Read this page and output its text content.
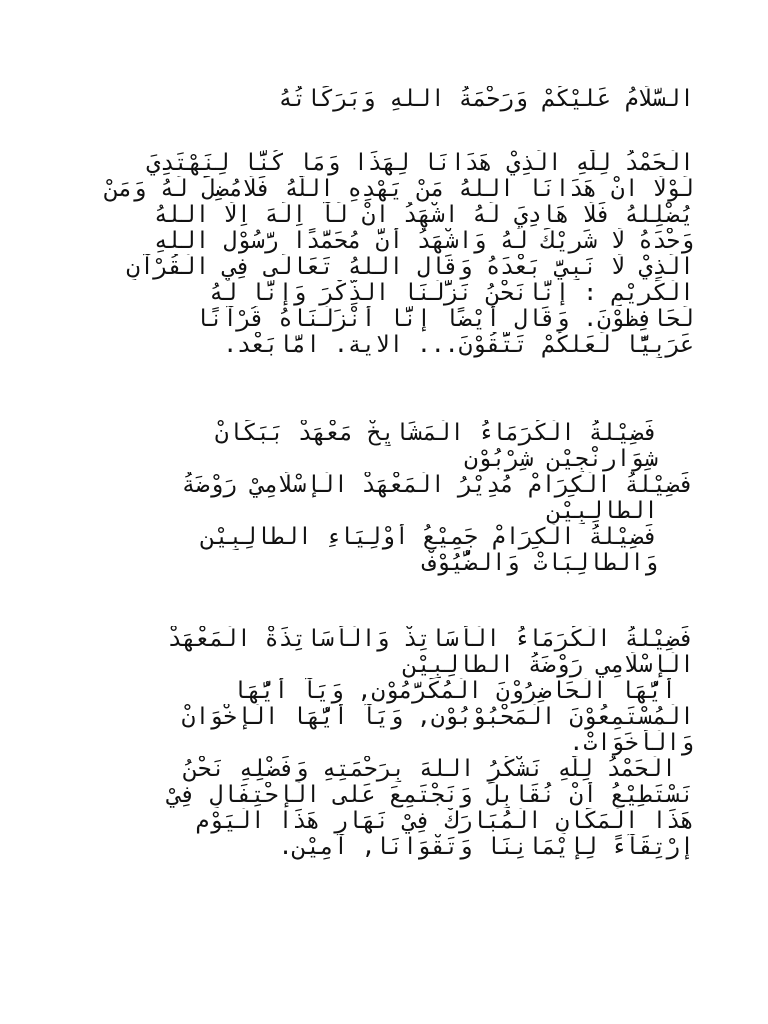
اَلسَّلَامُ عَلَيْكُمْ وَرَحْمَةُ اللهِ وَبَرَكَاتُهُ
اَلْحَمْدُ لِلّٰهِ الَّذِيْ هَدَانَا لِهَذَا وَمَا كُنَّا لِنَهْتَدِيَ
لَوْلَا اَنْ هَدَانَا اللهُ مَنْ يَهْدِهِ اللّٰهُ فَلَامُضِلَّ لَهُ وَمَنْ
يُضْلِلْهُ فَلَا هَادِيَ لَهُ اَشْهَدُ اَنْ لَّآ اِلَهَ اِلَّا اللهُ
وَحْدَهُ لَا شَرِيْكَ لَهُ وَاَشْهَدُ أَنَّ مُحَمَّدًا رَّسُوْلُ اللهِ
اَلَّذِيْ لَا نَبِيَّ بَعْدَهُ وَقَالَ اللهُ تَعَالَى فِي الْقُرْآنِ
الْكَرِيْمِ : إِنَّانَحْنُ نَزَّلْنَا الذِّكْرَ وَإِنَّا لَهُ
لَحَافِظُوْنَ. وَقَالَ أَيْضًا إِنَّا أَنْزَلْنَاهُ قُرْآنًا
عَرَبِيًّا لَعَلَّكُمْ تَتَّقُوْنَ... الاية. اَمَّابَعْد.
فَضِيْلَةُ الْكُرَمَاءُ اَلْمَشَايِخْ مَعْهَدْ بَبَكَانْ
شِوَارِنْجِيْن شِرْبُوْن
فَضِيْلَةُ الْكِرَامْ مُدِيْرُ الْمَعْهَدْ اَلْإِسْلَامِيْ رَوْضَةُ
الطَّالِبِيْن
فَضِيْلَةُ الْكِرَامْ جَمِيْعُ أَوْلِيَاءِ الطَّالِبِيْن
وَالطَّالِبَاتْ وَالضُّيُوْفْ
فَضِيْلَةُ الْكُرَمَاءُ اَلْأَسَاتِذْ وَالْأَسَاتِذَةْ الْمَعْهَدْ
اَلْإِسْلَامِي رَوْضَةُ الطَّالِبِيْن
أَيُّهَا الْحَاضِرُوْنَ الْمُكَرَّمُوْن, وَيَآ أَيُّهَا
الْمُسْتَمِعُوْنَ الْمَحْبُوْبُوْن, وَيَآ أَيُّهَا الْإِخْوَانْ
وَالْأَخَوَاتْ.
اَلْحَمْدُ لِلّٰهِ نَشْكُرُ اللهَ بِرَحْمَتِهِ وَفَضْلِهِ نَحْنُ
نَسْتَطِيْعُ أَنْ نُقَابِلَ وَنَجْتَمِعَ عَلَى الْإِحْتِفَالِ فِيْ
هَذَا الْمَكَانِ الْمُبَارَكْ فِيْ نَهَارِ هَذَا الْيَوْم
إِرْتِقَآءً لِإِيْمَانِنَا وَتَقْوَانَا, آمِيْن.
